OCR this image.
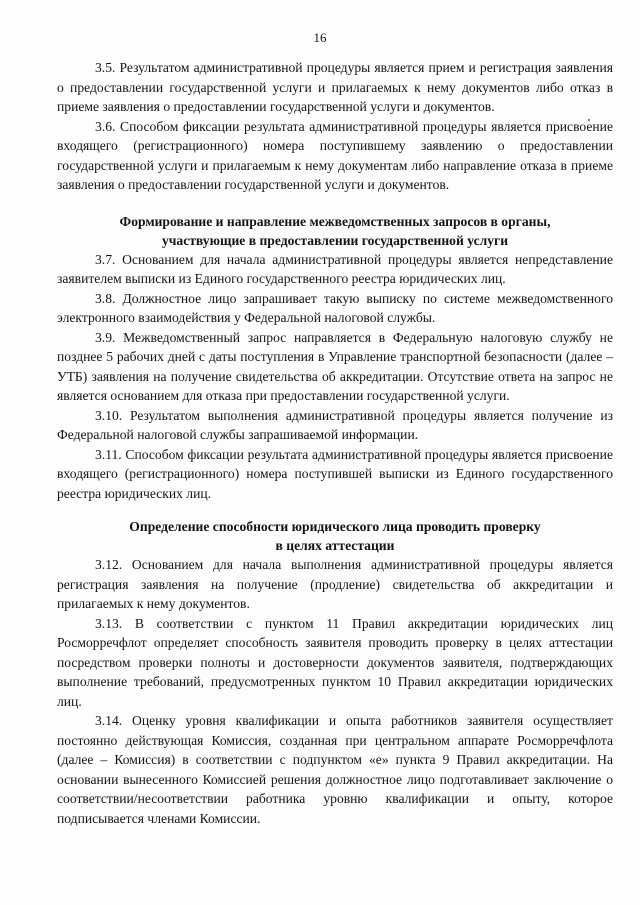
16

3.5. Результатом административной процедуры является прием и регистрация заявления о предоставлении государственной услуги и прилагаемых к нему документов либо отказ в приеме заявления о предоставлении государственной услуги и документов.

3.6. Способом фиксации результата административной процедуры является присвоение входящего (регистрационного) номера поступившему заявлению о предоставлении государственной услуги и прилагаемым к нему документам либо направление отказа в приеме заявления о предоставлении государственной услуги и документов.

Формирование и направление межведомственных запросов в органы,
участвующие в предоставлении государственной услуги

3.7. Основанием для начала административной процедуры является непредставление заявителем выписки из Единого государственного реестра юридических лиц.

3.8. Должностное лицо запрашивает такую выписку по системе межведомственного электронного взаимодействия у Федеральной налоговой службы.

3.9. Межведомственный запрос направляется в Федеральную налоговую службу не позднее 5 рабочих дней с даты поступления в Управление транспортной безопасности (далее – УТБ) заявления на получение свидетельства об аккредитации. Отсутствие ответа на запрос не является основанием для отказа при предоставлении государственной услуги.

3.10. Результатом выполнения административной процедуры является получение из Федеральной налоговой службы запрашиваемой информации.

3.11. Способом фиксации результата административной процедуры является присвоение входящего (регистрационного) номера поступившей выписки из Единого государственного реестра юридических лиц.

Определение способности юридического лица проводить проверку
в целях аттестации

3.12. Основанием для начала выполнения административной процедуры является регистрация заявления на получение (продление) свидетельства об аккредитации и прилагаемых к нему документов.

3.13. В соответствии с пунктом 11 Правил аккредитации юридических лиц Росморречфлот определяет способность заявителя проводить проверку в целях аттестации посредством проверки полноты и достоверности документов заявителя, подтверждающих выполнение требований, предусмотренных пунктом 10 Правил аккредитации юридических лиц.

3.14. Оценку уровня квалификации и опыта работников заявителя осуществляет постоянно действующая Комиссия, созданная при центральном аппарате Росморречфлота (далее – Комиссия) в соответствии с подпунктом «е» пункта 9 Правил аккредитации. На основании вынесенного Комиссией решения должностное лицо подготавливает заключение о соответствии/несоответствии работника уровню квалификации и опыту, которое подписывается членами Комиссии.
